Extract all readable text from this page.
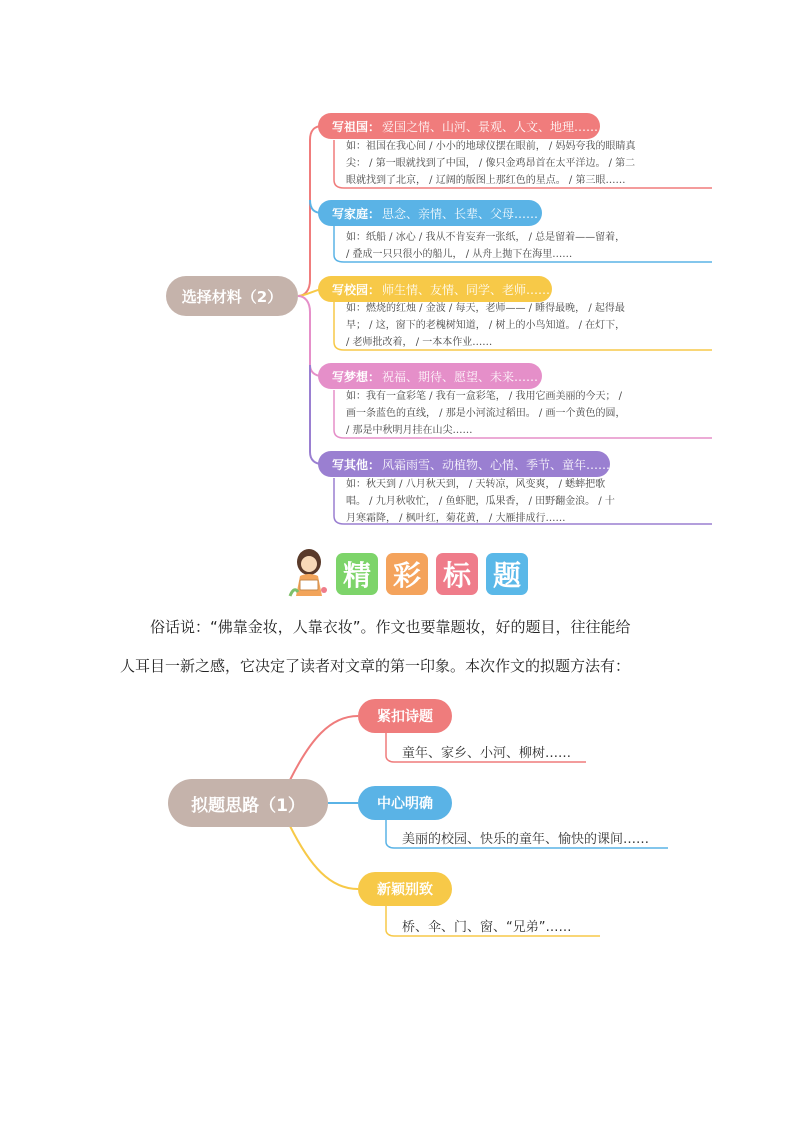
选择材料（2）
写祖国： 爱国之情、山河、景观、人文、地理……
如：祖国在我心间 / 小小的地球仪摆在眼前， / 妈妈夸我的眼睛真
尖： / 第一眼就找到了中国， / 像只金鸡昂首在太平洋边。 / 第二
眼就找到了北京， / 辽阔的版图上那红色的星点。 / 第三眼……
写家庭： 思念、亲情、长辈、父母……
如：纸船 / 冰心 / 我从不肯妄弃一张纸， / 总是留着——留着，
/ 叠成一只只很小的船儿， / 从舟上抛下在海里……
写校园： 师生情、友情、同学、老师……
如：燃烧的红烛 / 金波 / 每天，老师—— / 睡得最晚， / 起得最
早； / 这，窗下的老槐树知道， / 树上的小鸟知道。 / 在灯下，
/ 老师批改着， / 一本本作业……
写梦想： 祝福、期待、愿望、未来……
如：我有一盒彩笔 / 我有一盒彩笔， / 我用它画美丽的今天； /
画一条蓝色的直线， / 那是小河流过稻田。 / 画一个黄色的圆，
/ 那是中秋明月挂在山尖……
写其他： 风霜雨雪、动植物、心情、季节、童年……
如：秋天到 / 八月秋天到， / 天转凉，风变爽， / 蟋蟀把歌
唱。 / 九月秋收忙， / 鱼虾肥，瓜果香， / 田野翻金浪。 / 十
月寒霜降， / 枫叶红，菊花黄， / 大雁排成行……
精 彩 标 题
俗话说：“佛靠金妆，人靠衣妆”。作文也要靠题妆，好的题目，往往能给
人耳目一新之感，它决定了读者对文章的第一印象。本次作文的拟题方法有：
拟题思路（1）
紧扣诗题
童年、家乡、小河、柳树……
中心明确
美丽的校园、快乐的童年、愉快的课间……
新颖别致
桥、伞、门、窗、“兄弟”……
